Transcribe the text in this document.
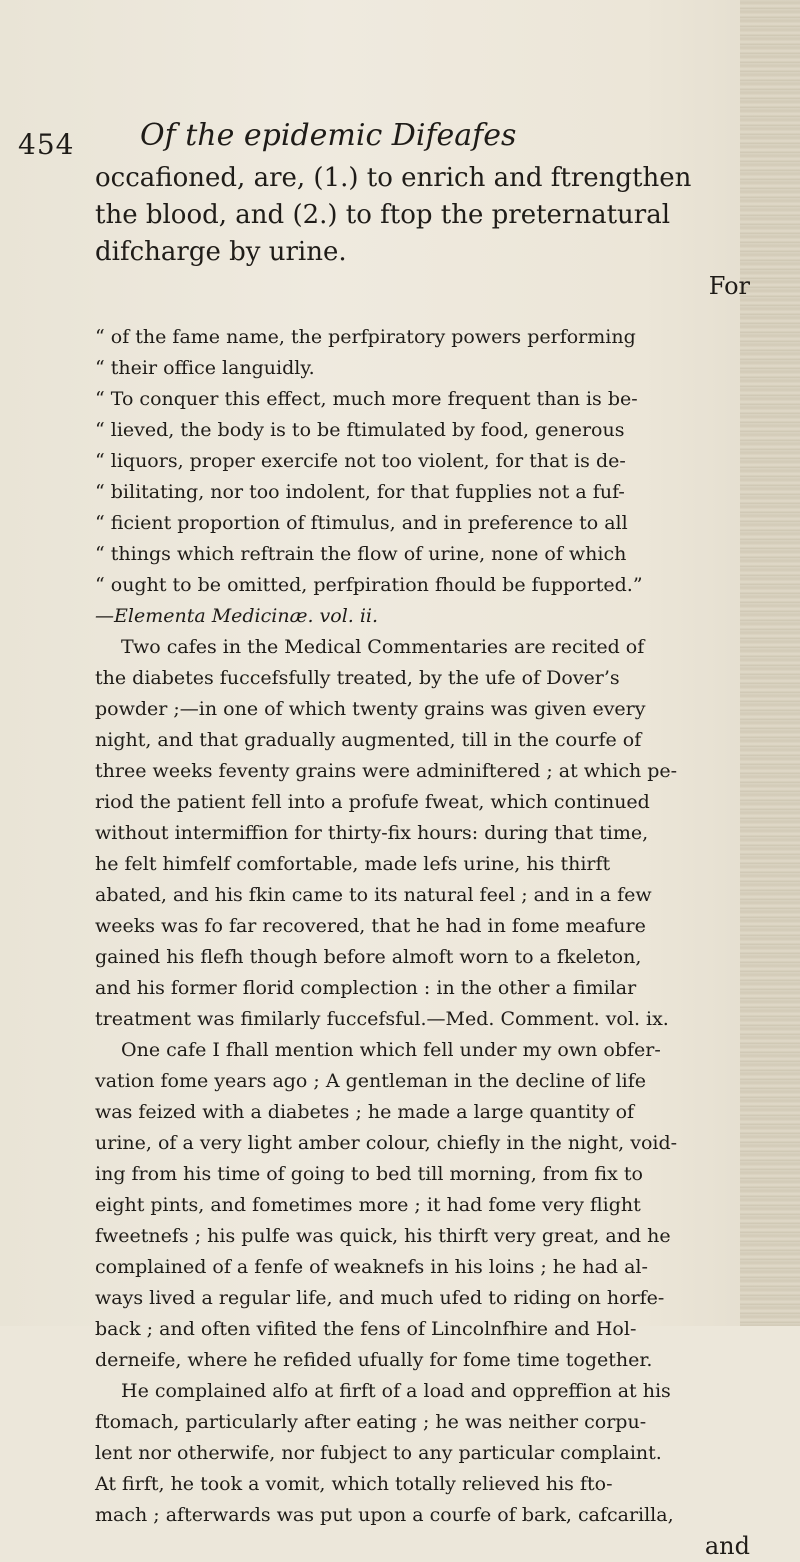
454 Of the epidemic Difeafes
occafioned, are, (1.) to enrich and ftrengthen
the blood, and (2.) to ftop the preternatural
difcharge by urine.
For
“ of the fame name, the perfpiratory powers performing
“ their office languidly.
“ To conquer this effect, much more frequent than is be-
“ lieved, the body is to be ftimulated by food, generous
“ liquors, proper exercife not too violent, for that is de-
“ bilitating, nor too indolent, for that fupplies not a fuf-
“ ficient proportion of ftimulus, and in preference to all
“ things which reftrain the flow of urine, none of which
“ ought to be omitted, perfpiration fhould be fupported.”
—Elementa Medicinæ. vol. ii.
Two cafes in the Medical Commentaries are recited of
the diabetes fuccefsfully treated, by the ufe of Dover’s
powder ;—in one of which twenty grains was given every
night, and that gradually augmented, till in the courfe of
three weeks feventy grains were adminiftered ; at which pe-
riod the patient fell into a profufe fweat, which continued
without intermiffion for thirty-fix hours: during that time,
he felt himfelf comfortable, made lefs urine, his thirft
abated, and his fkin came to its natural feel ; and in a few
weeks was fo far recovered, that he had in fome meafure
gained his flefh though before almoft worn to a fkeleton,
and his former florid complection : in the other a fimilar
treatment was fimilarly fuccefsful.—Med. Comment. vol. ix.
One cafe I fhall mention which fell under my own obfer-
vation fome years ago ; A gentleman in the decline of life
was feized with a diabetes ; he made a large quantity of
urine, of a very light amber colour, chiefly in the night, void-
ing from his time of going to bed till morning, from fix to
eight pints, and fometimes more ; it had fome very flight
fweetnefs ; his pulfe was quick, his thirft very great, and he
complained of a fenfe of weaknefs in his loins ; he had al-
ways lived a regular life, and much ufed to riding on horfe-
back ; and often vifited the fens of Lincolnfhire and Hol-
derneife, where he refided ufually for fome time together.
He complained alfo at firft of a load and oppreffion at his
ftomach, particularly after eating ; he was neither corpu-
lent nor otherwife, nor fubject to any particular complaint.
At firft, he took a vomit, which totally relieved his fto-
mach ; afterwards was put upon a courfe of bark, cafcarilla,
and
